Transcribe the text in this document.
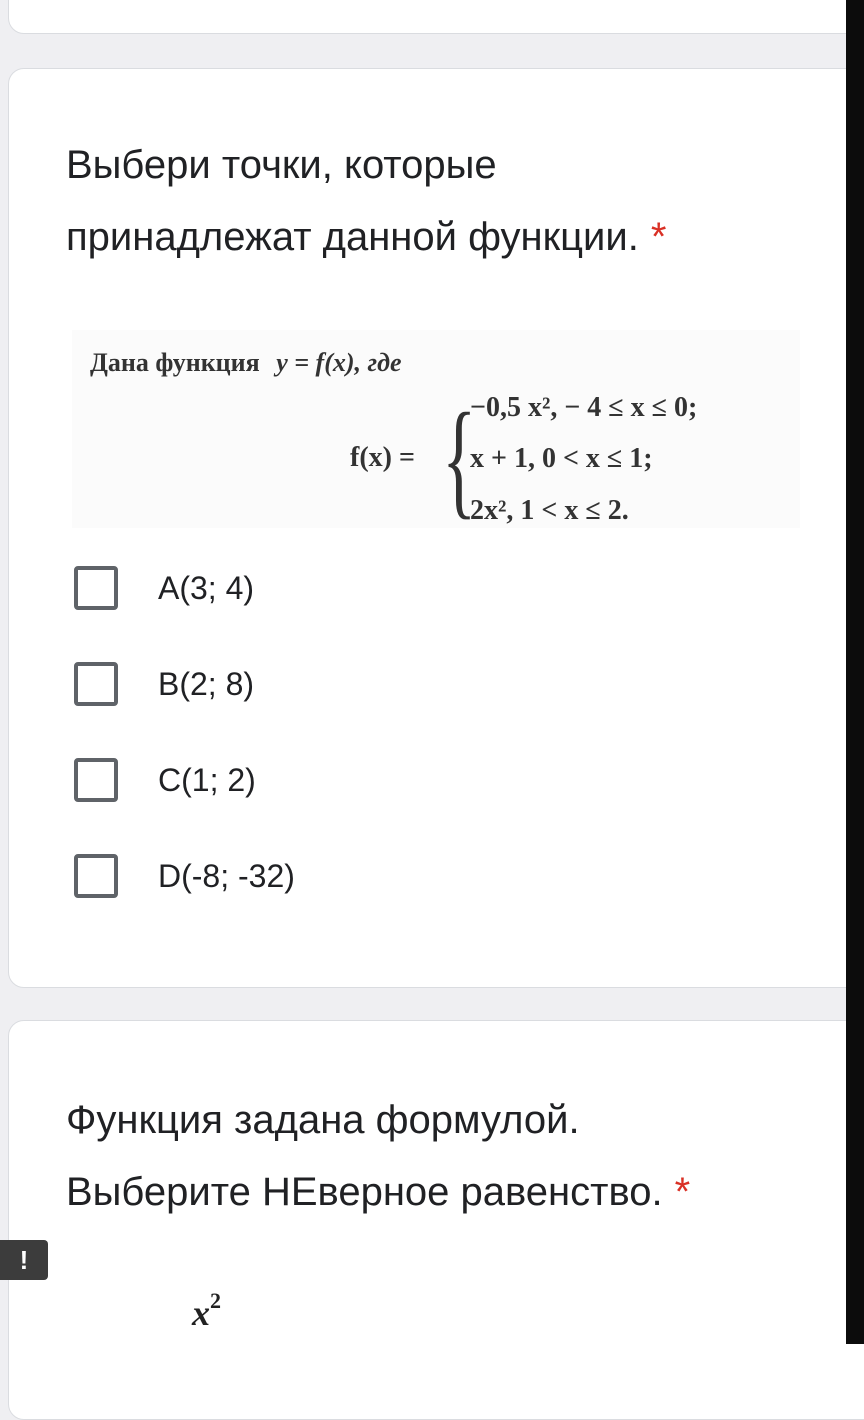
Выбери точки, которые
принадлежат данной функции. *
Дана функция y = f(x), где
f(x) = {
−0,5 x², − 4 ≤ x ≤ 0;
x + 1, 0 < x ≤ 1;
2x², 1 < x ≤ 2.
A(3; 4)
B(2; 8)
C(1; 2)
D(-8; -32)
Функция задана формулой.
Выберите НЕверное равенство. *
$x^2$
!
